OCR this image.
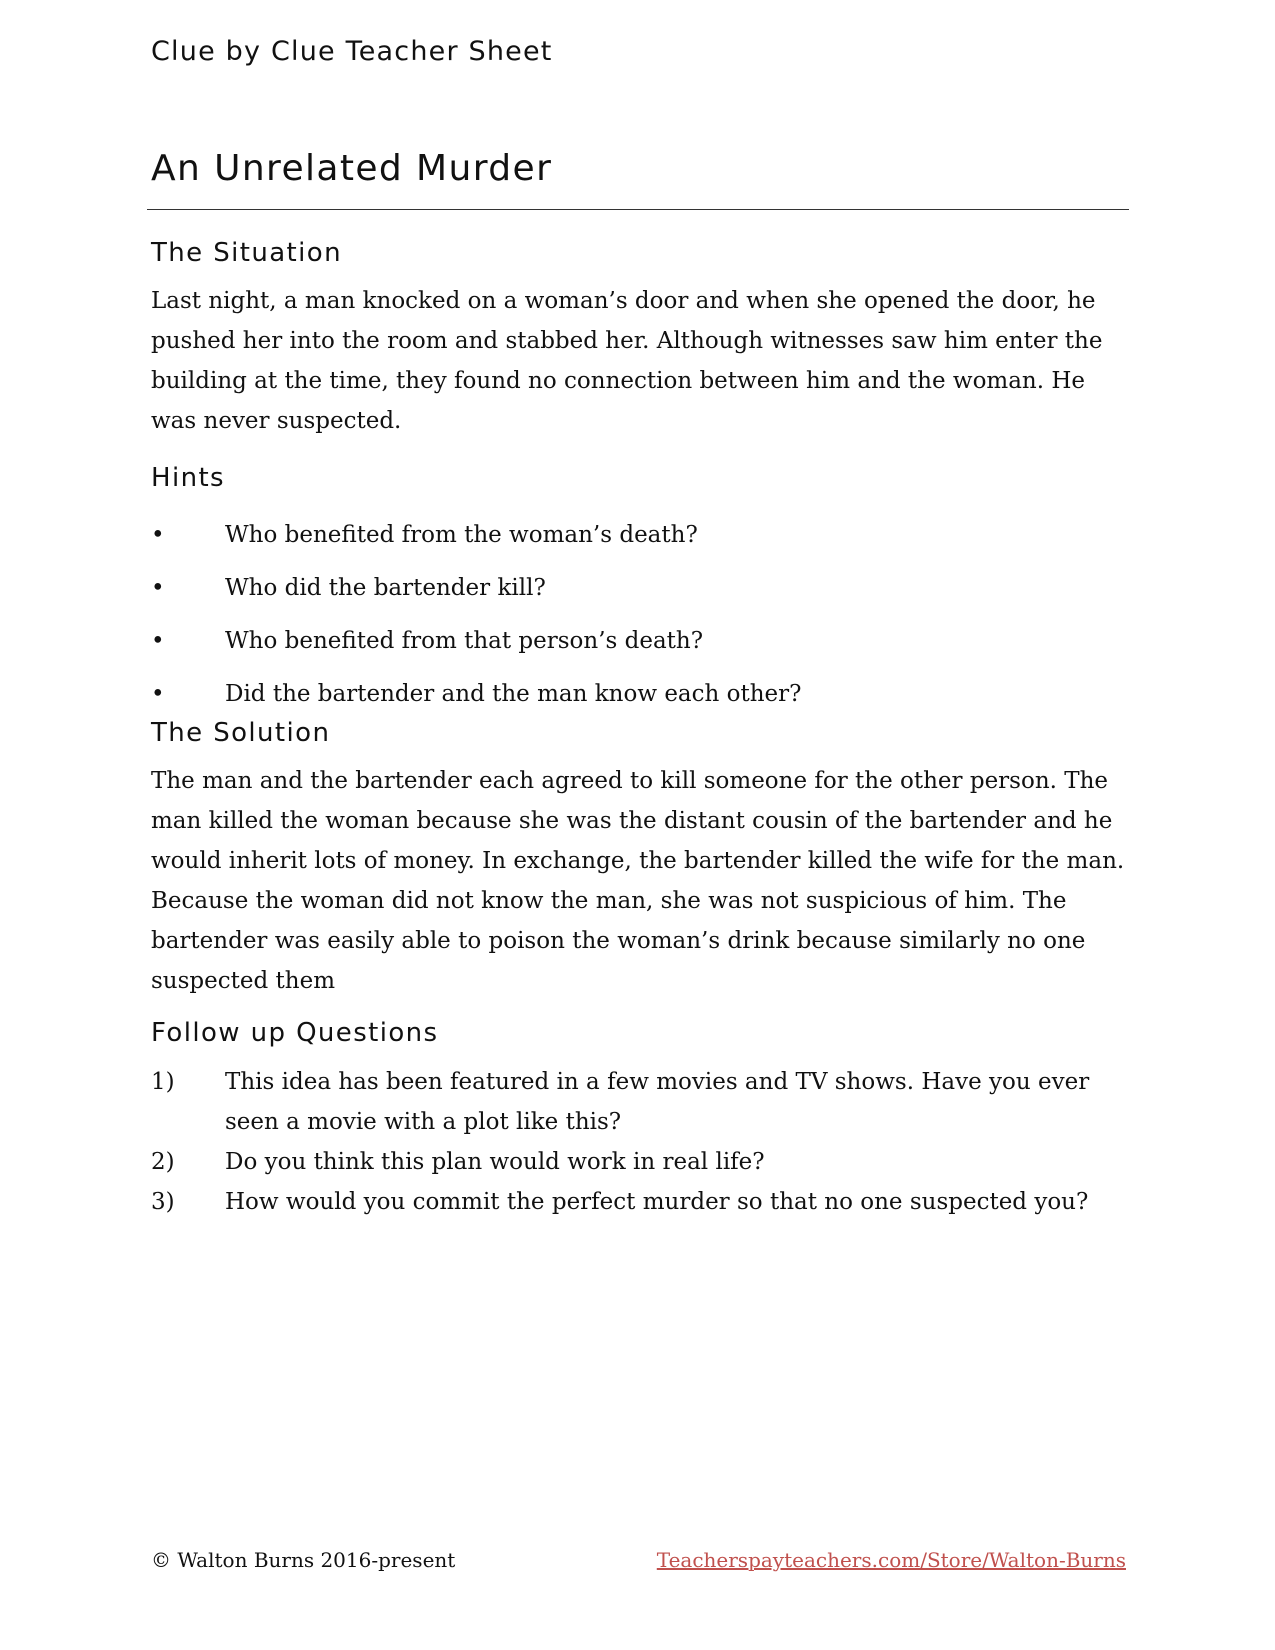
Clue by Clue Teacher Sheet
An Unrelated Murder
The Situation

Last night, a man knocked on a woman’s door and when she opened the door, he pushed her into the room and stabbed her. Although witnesses saw him enter the building at the time, they found no connection between him and the woman. He was never suspected.

Hints
•	Who benefited from the woman’s death?
•	Who did the bartender kill?
•	Who benefited from that person’s death?
•	Did the bartender and the man know each other?
The Solution

The man and the bartender each agreed to kill someone for the other person. The man killed the woman because she was the distant cousin of the bartender and he would inherit lots of money. In exchange, the bartender killed the wife for the man. Because the woman did not know the man, she was not suspicious of him. The bartender was easily able to poison the woman’s drink because similarly no one suspected them

Follow up Questions
1) This idea has been featured in a few movies and TV shows. Have you ever seen a movie with a plot like this?
2) Do you think this plan would work in real life?
3) How would you commit the perfect murder so that no one suspected you?
© Walton Burns 2016-present	Teacherspayteachers.com/Store/Walton-Burns
